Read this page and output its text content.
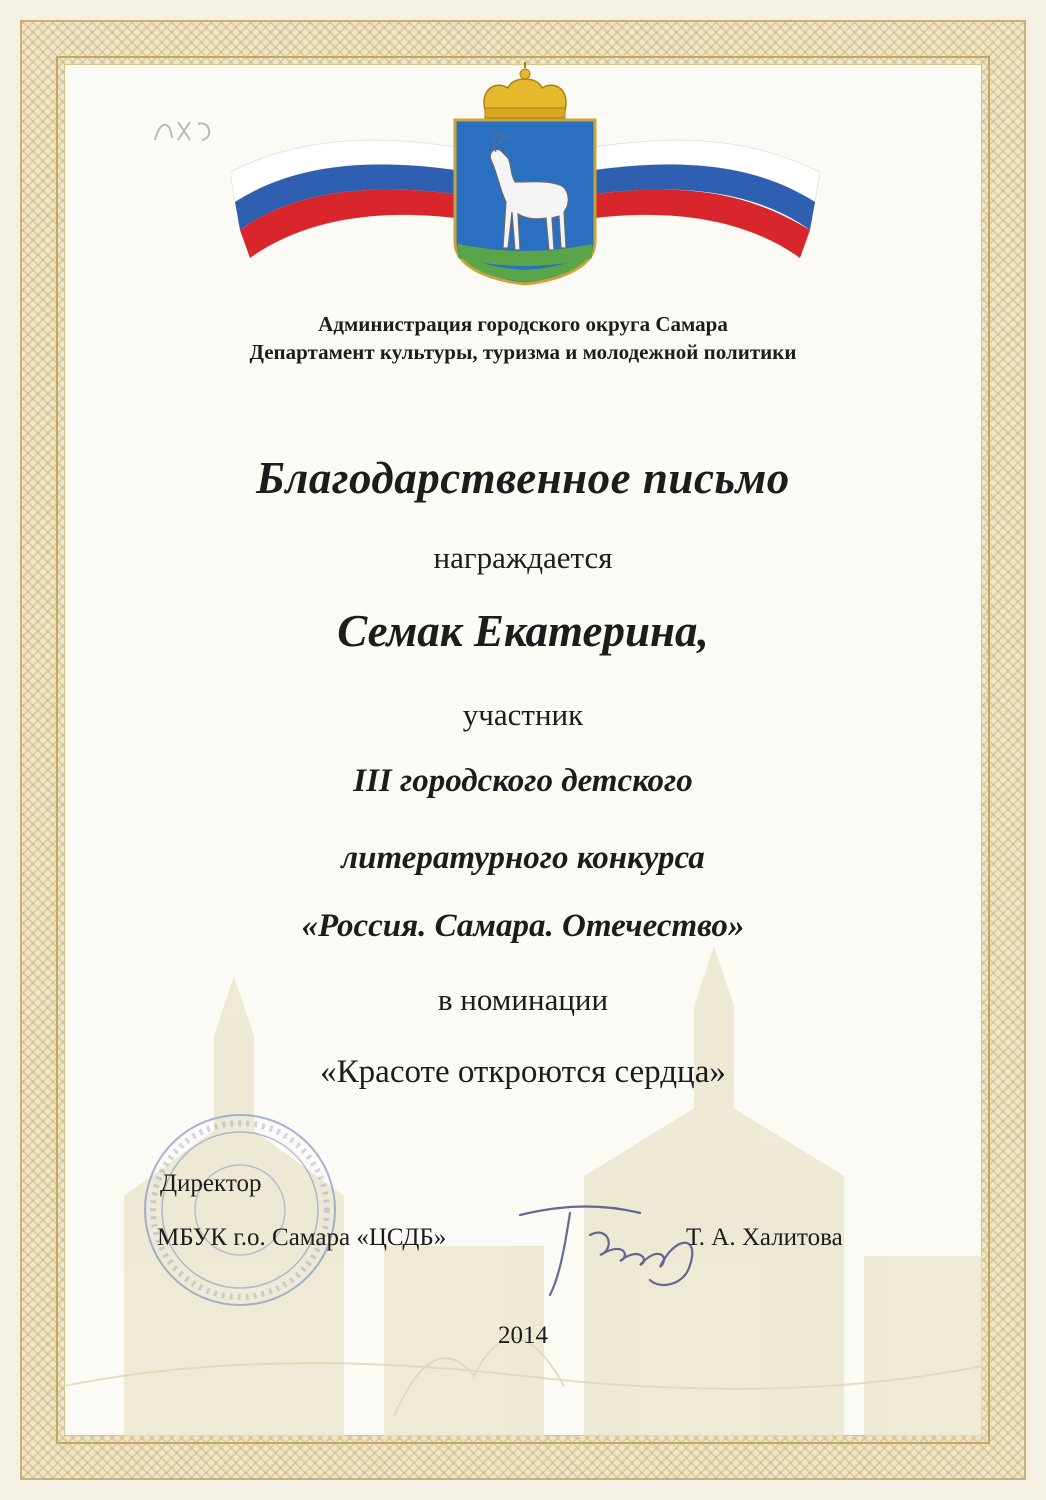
Администрация городского округа Самара
Департамент культуры, туризма и молодежной политики
Благодарственное письмо
награждается
Семак Екатерина,
участник
III городского детского
литературного конкурса
«Россия. Самара. Отечество»
в номинации
«Красоте откроются сердца»
Директор
МБУК г.о. Самара «ЦСДБ»	Т. А. Халитова
2014
